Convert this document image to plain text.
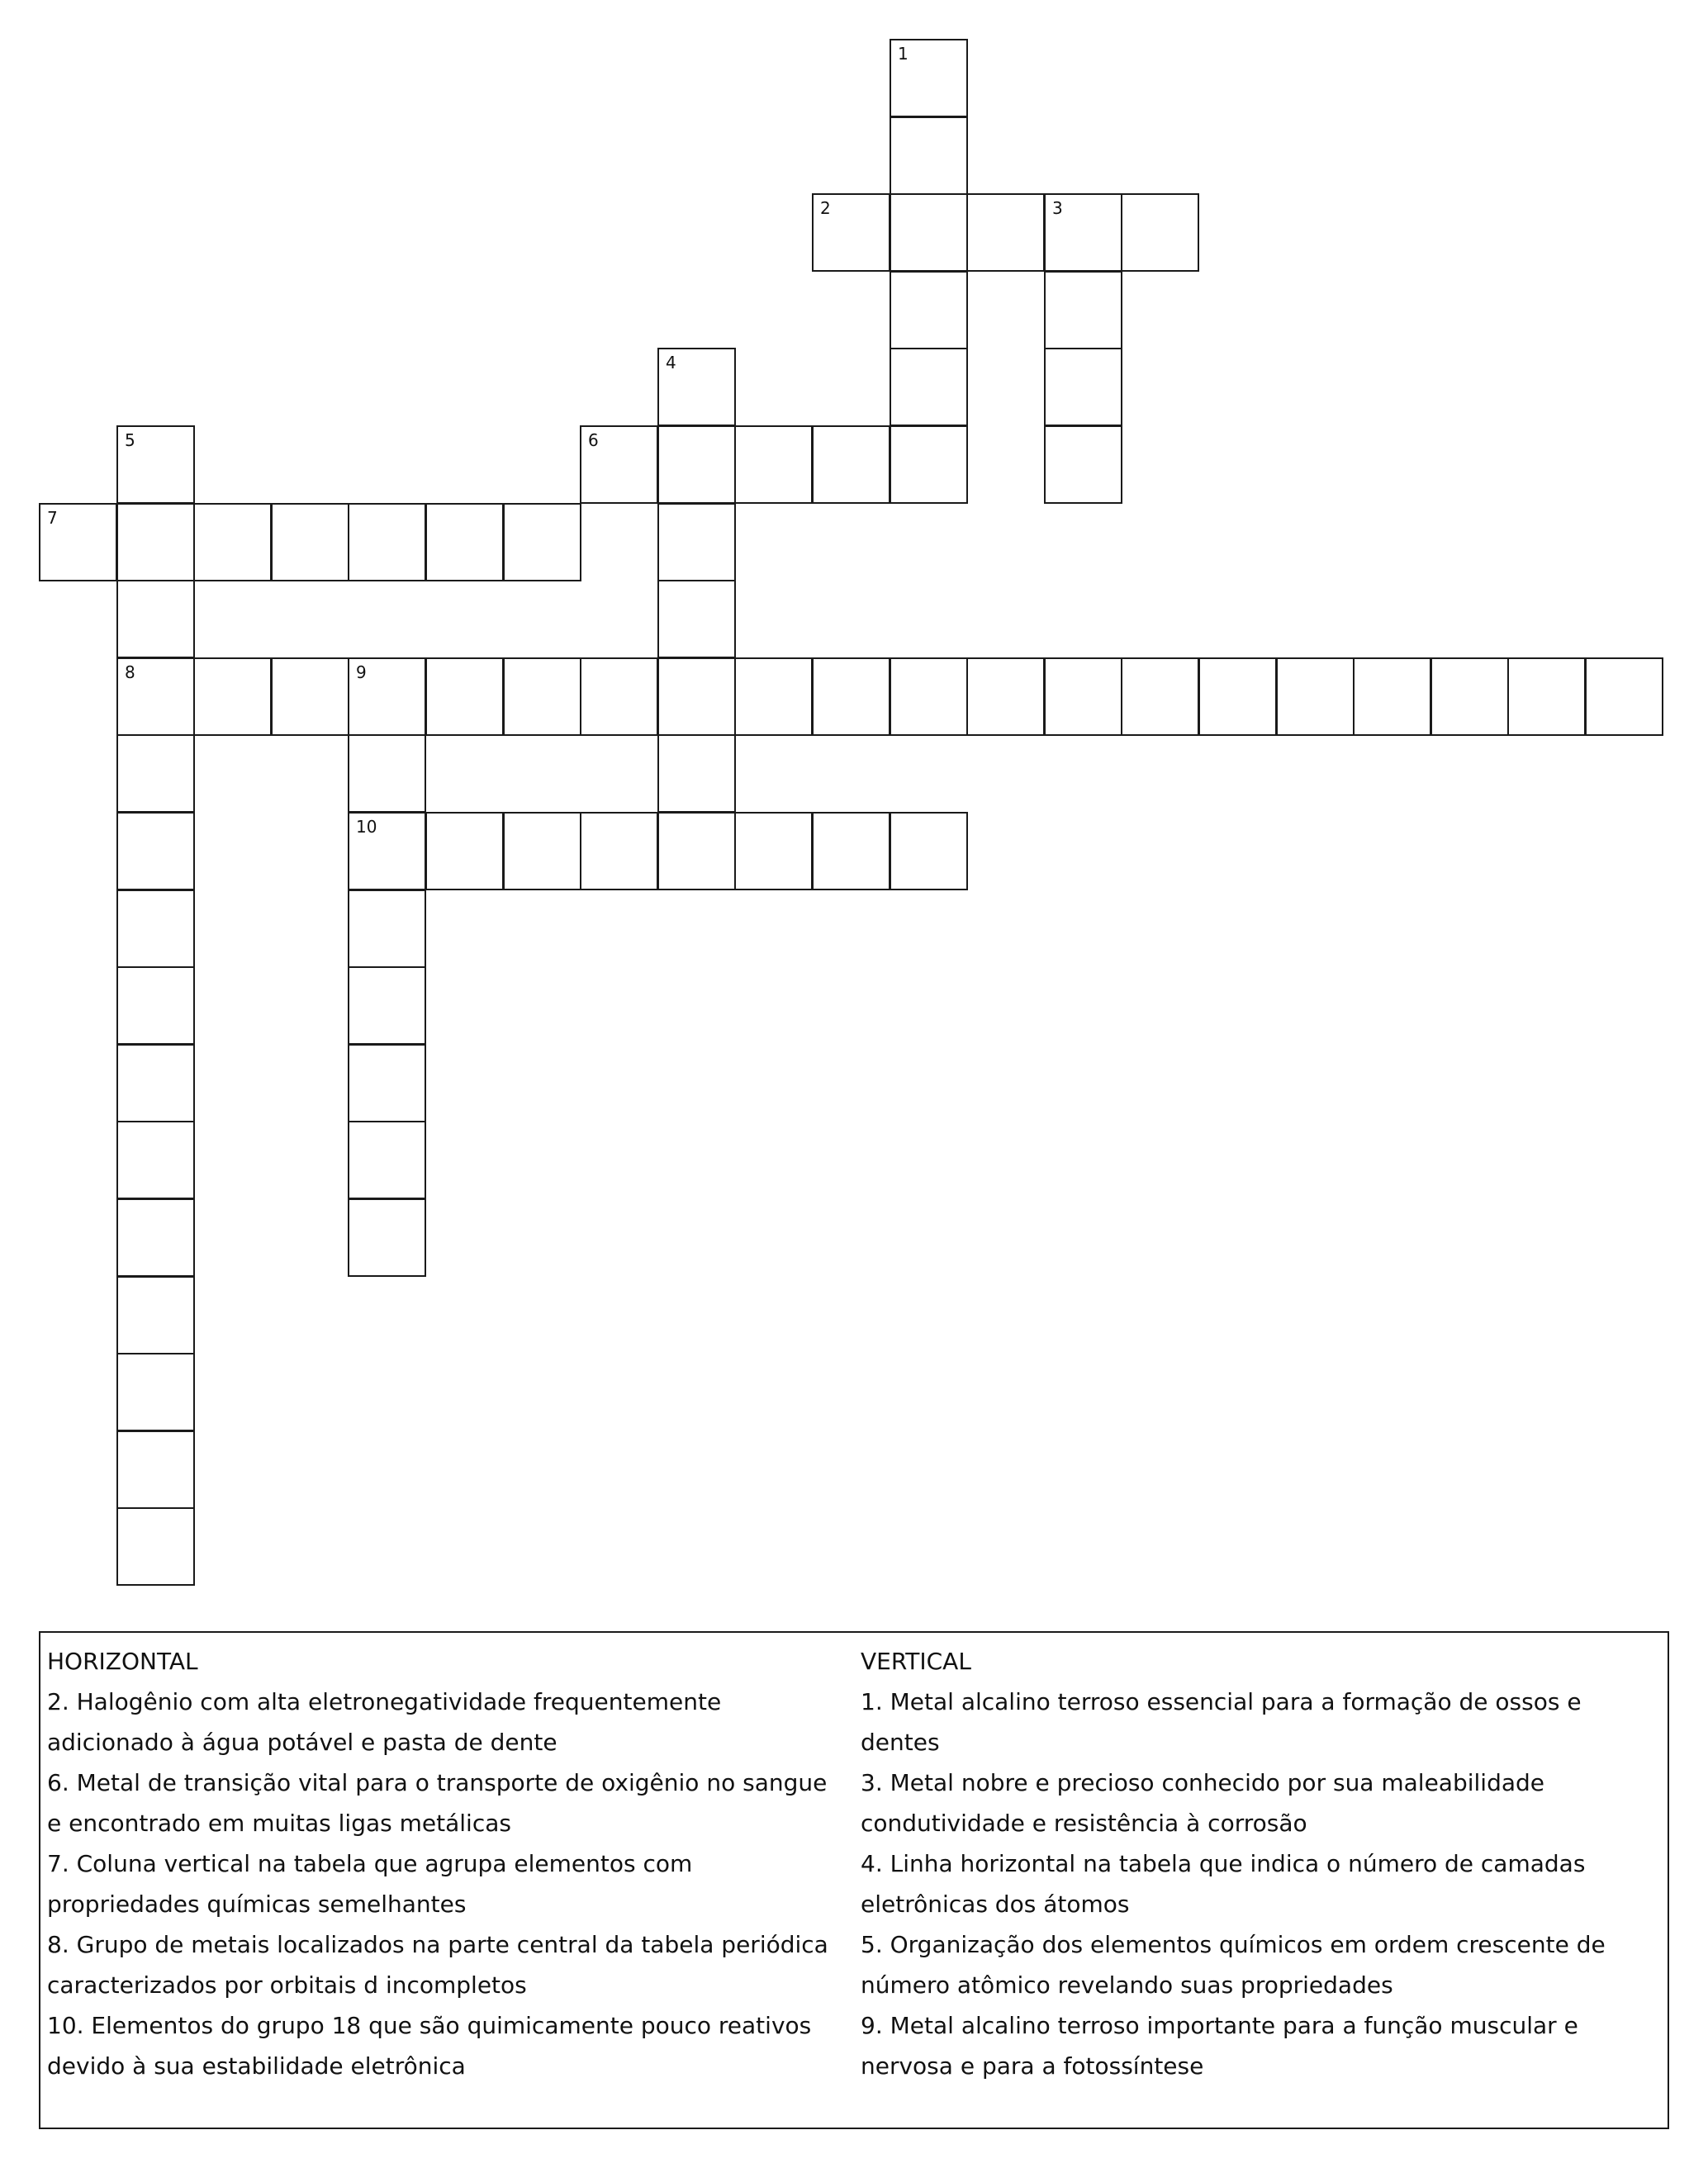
1
2	3
4
5
8
6
7
9
10

HORIZONTAL

2. Halogênio com alta eletronegatividade frequentemente adicionado à água potável e pasta de dente

6. Metal de transição vital para o transporte de oxigênio no sangue e encontrado em muitas ligas metálicas

7. Coluna vertical na tabela que agrupa elementos com propriedades químicas semelhantes

8. Grupo de metais localizados na parte central da tabela periódica caracterizados por orbitais d incompletos

10. Elementos do grupo 18 que são quimicamente pouco reativos devido à sua estabilidade eletrônica

VERTICAL

1. Metal alcalino terroso essencial para a formação de ossos e dentes

3. Metal nobre e precioso conhecido por sua maleabilidade condutividade e resistência à corrosão

4. Linha horizontal na tabela que indica o número de camadas eletrônicas dos átomos

5. Organização dos elementos químicos em ordem crescente de número atômico revelando suas propriedades

9. Metal alcalino terroso importante para a função muscular e nervosa e para a fotossíntese
